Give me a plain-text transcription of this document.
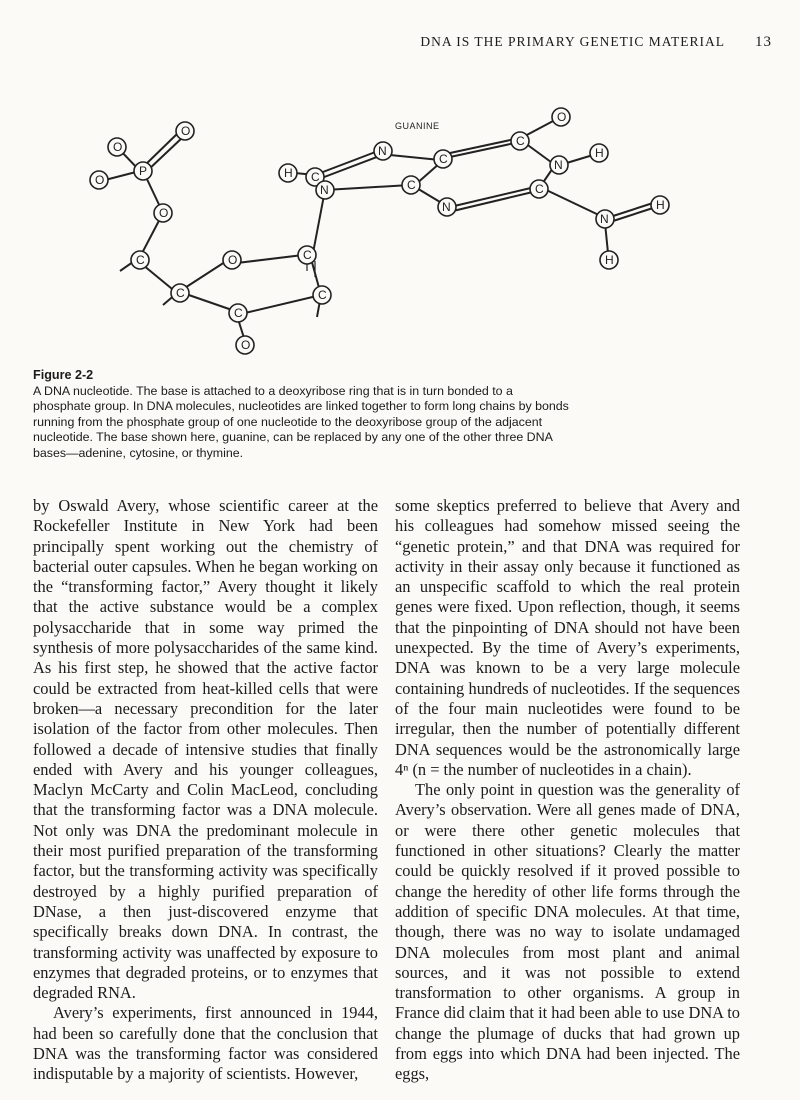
DNA IS THE PRIMARY GENETIC MATERIAL 13
O
O
P
O
O
C
C
O	C
C
C
O
H C
N
N
C
C
N
C
O
N
H
C
N
H
H
GUANINE
Figure 2-2
A DNA nucleotide. The base is attached to a deoxyribose ring that is in turn bonded to a phosphate group. In DNA molecules, nucleotides are linked together to form long chains by bonds running from the phosphate group of one nucleotide to the deoxyribose group of the adjacent nucleotide. The base shown here, guanine, can be replaced by any one of the other three DNA bases—adenine, cytosine, or thymine.

by Oswald Avery, whose scientific career at the Rockefeller Institute in New York had been principally spent working out the chemistry of bacterial outer capsules. When he began working on the “transforming factor,” Avery thought it likely that the active substance would be a complex polysaccharide that in some way primed the synthesis of more polysaccharides of the same kind. As his first step, he showed that the active factor could be extracted from heat-killed cells that were broken—a necessary precondition for the later isolation of the factor from other molecules. Then followed a decade of intensive studies that finally ended with Avery and his younger colleagues, Maclyn McCarty and Colin MacLeod, concluding that the transforming factor was a DNA molecule. Not only was DNA the predominant molecule in their most purified preparation of the transforming factor, but the transforming activity was specifically destroyed by a highly purified preparation of DNase, a then just-discovered enzyme that specifically breaks down DNA. In contrast, the transforming activity was unaffected by exposure to enzymes that degraded proteins, or to enzymes that degraded RNA.

Avery’s experiments, first announced in 1944, had been so carefully done that the conclusion that DNA was the transforming factor was considered indisputable by a majority of scientists. However,

some skeptics preferred to believe that Avery and his colleagues had somehow missed seeing the “genetic protein,” and that DNA was required for activity in their assay only because it functioned as an unspecific scaffold to which the real protein genes were fixed. Upon reflection, though, it seems that the pinpointing of DNA should not have been unexpected. By the time of Avery’s experiments, DNA was known to be a very large molecule containing hundreds of nucleotides. If the sequences of the four main nucleotides were found to be irregular, then the number of potentially different DNA sequences would be the astronomically large 4ⁿ (n = the number of nucleotides in a chain).

The only point in question was the generality of Avery’s observation. Were all genes made of DNA, or were there other genetic molecules that functioned in other situations? Clearly the matter could be quickly resolved if it proved possible to change the heredity of other life forms through the addition of specific DNA molecules. At that time, though, there was no way to isolate undamaged DNA molecules from most plant and animal sources, and it was not possible to extend transformation to other organisms. A group in France did claim that it had been able to use DNA to change the plumage of ducks that had grown up from eggs into which DNA had been injected. The eggs,
